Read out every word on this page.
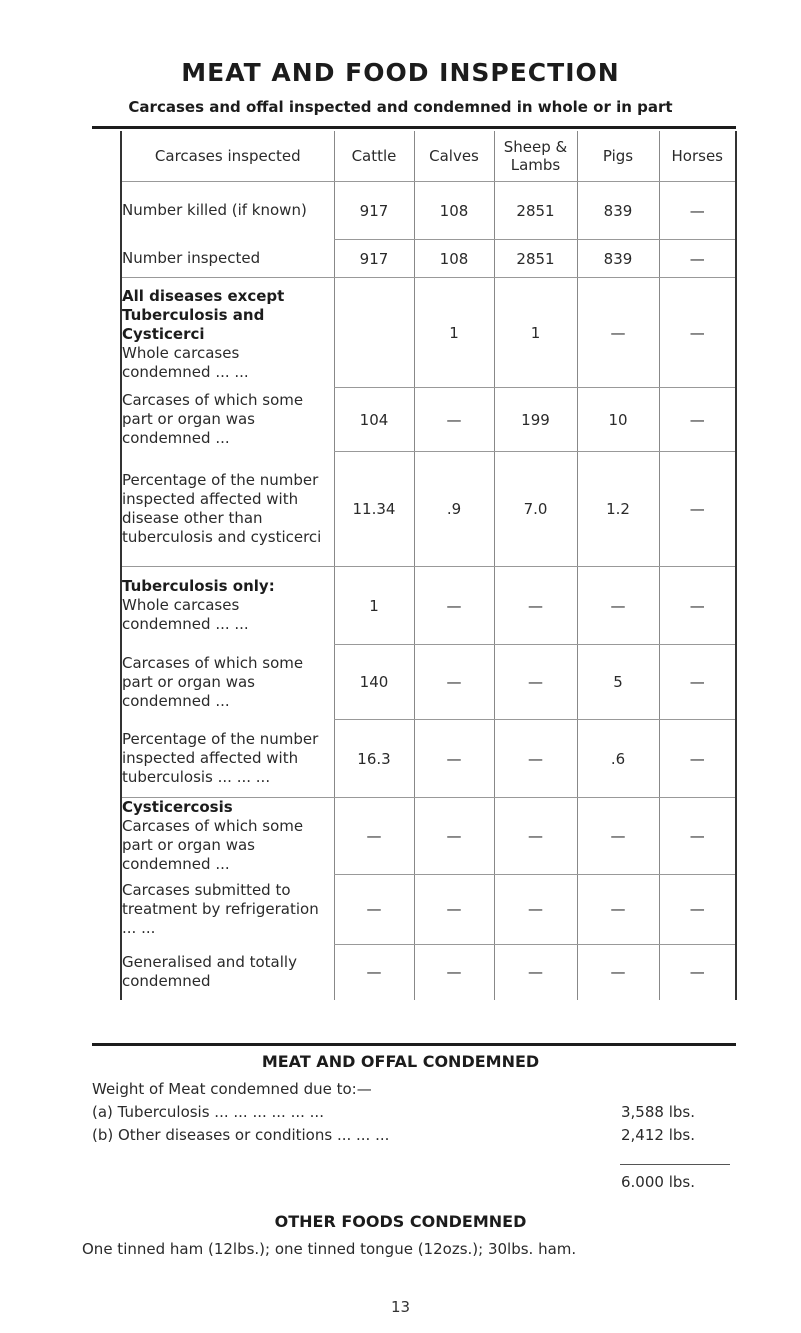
MEAT AND FOOD INSPECTION
Carcases and offal inspected and condemned in whole or in part
Carcases inspected	Cattle	Calves	Sheep & Lambs	Pigs	Horses
Number killed (if known)	917	108	2851	839	—
Number inspected	917	108	2851	839	—

All diseases except Tuberculosis and Cysticerci
Whole carcases condemned ... ...		1	1	—	—
Carcases of which some part or organ was condemned ...	104	—	199	10	—
Percentage of the number inspected affected with disease other than tuberculosis and cysticerci	11.34	.9	7.0	1.2	—

Tuberculosis only:
Whole carcases condemned ... ...	1	—	—	—	—
Carcases of which some part or organ was condemned ...	140	—	—	5	—
Percentage of the number inspected affected with tuberculosis ... ... ...	16.3	—	—	.6	—

Cysticercosis
Carcases of which some part or organ was condemned ...	—	—	—	—	—
Carcases submitted to treatment by refrigeration ... ...	—	—	—	—	—
Generalised and totally condemned	—	—	—	—	—
MEAT AND OFFAL CONDEMNED
Weight of Meat condemned due to:—
(a) Tuberculosis ... ... ... ... ... ...	3,588 lbs.
(b) Other diseases or conditions ... ... ...	2,412 lbs.
6.000 lbs.
OTHER FOODS CONDEMNED
One tinned ham (12lbs.); one tinned tongue (12ozs.); 30lbs. ham.
13
